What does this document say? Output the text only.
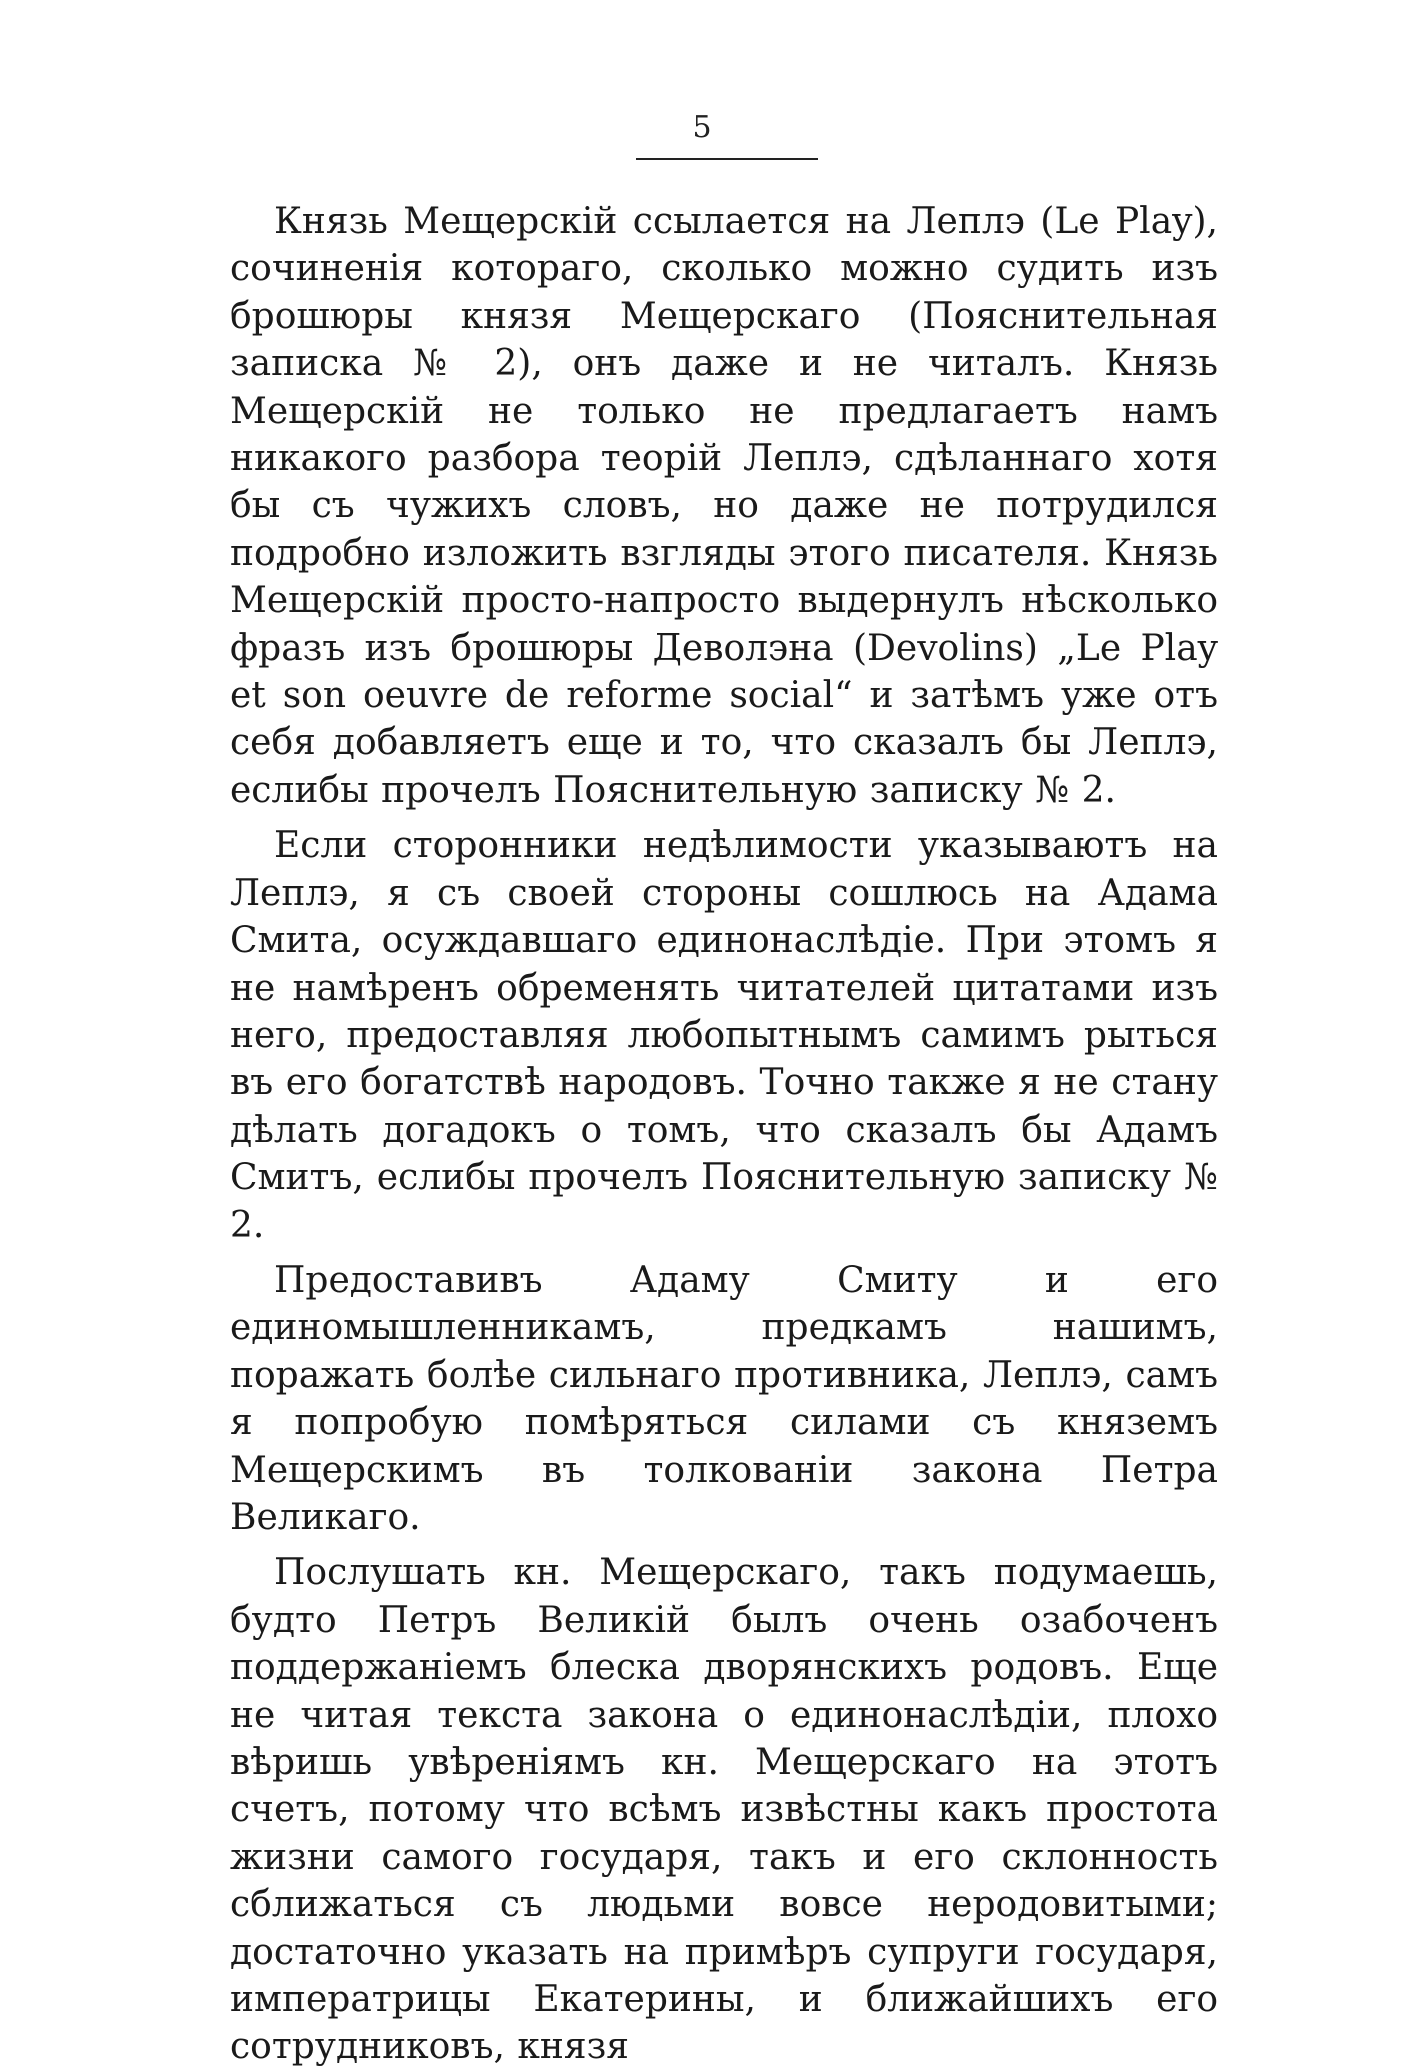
5

Князь Мещерскій ссылается на Леплэ (Le Play), сочиненія котораго, сколько можно судить изъ брошюры князя Мещерскаго (Пояснительная записка № 2), онъ даже и не читалъ. Князь Мещерскій не только не предлагаетъ намъ никакого разбора теорій Леплэ, сдѣланнаго хотя бы съ чужихъ словъ, но даже не потрудился подробно изложить взгляды этого писателя. Князь Мещерскій просто-напросто выдернулъ нѣсколько фразъ изъ брошюры Деволэна (Devolins) „Le Play et son oeuvre de reforme social“ и затѣмъ уже отъ себя добавляетъ еще и то, что сказалъ бы Леплэ, еслибы прочелъ Пояснительную записку № 2.

Если сторонники недѣлимости указываютъ на Леплэ, я съ своей стороны сошлюсь на Адама Смита, осуждавшаго единонаслѣдіе. При этомъ я не намѣренъ обременять читателей цитатами изъ него, предоставляя любопытнымъ самимъ рыться въ его богатствѣ народовъ. Точно также я не стану дѣлать догадокъ о томъ, что сказалъ бы Адамъ Смитъ, еслибы прочелъ Пояснительную записку № 2.

Предоставивъ Адаму Смиту и его единомышленникамъ, предкамъ нашимъ, поражать болѣе сильнаго противника, Леплэ, самъ я попробую помѣряться силами съ княземъ Мещерскимъ въ толкованіи закона Петра Великаго.

Послушать кн. Мещерскаго, такъ подумаешь, будто Петръ Великій былъ очень озабоченъ поддержаніемъ блеска дворянскихъ родовъ. Еще не читая текста закона о единонаслѣдіи, плохо вѣришь увѣреніямъ кн. Мещерскаго на этотъ счетъ, потому что всѣмъ извѣстны какъ простота жизни самого государя, такъ и его склонность сближаться съ людьми вовсе неродовитыми; достаточно указать на примѣръ супруги государя, императрицы Екатерины, и ближайшихъ его сотрудниковъ, князя
